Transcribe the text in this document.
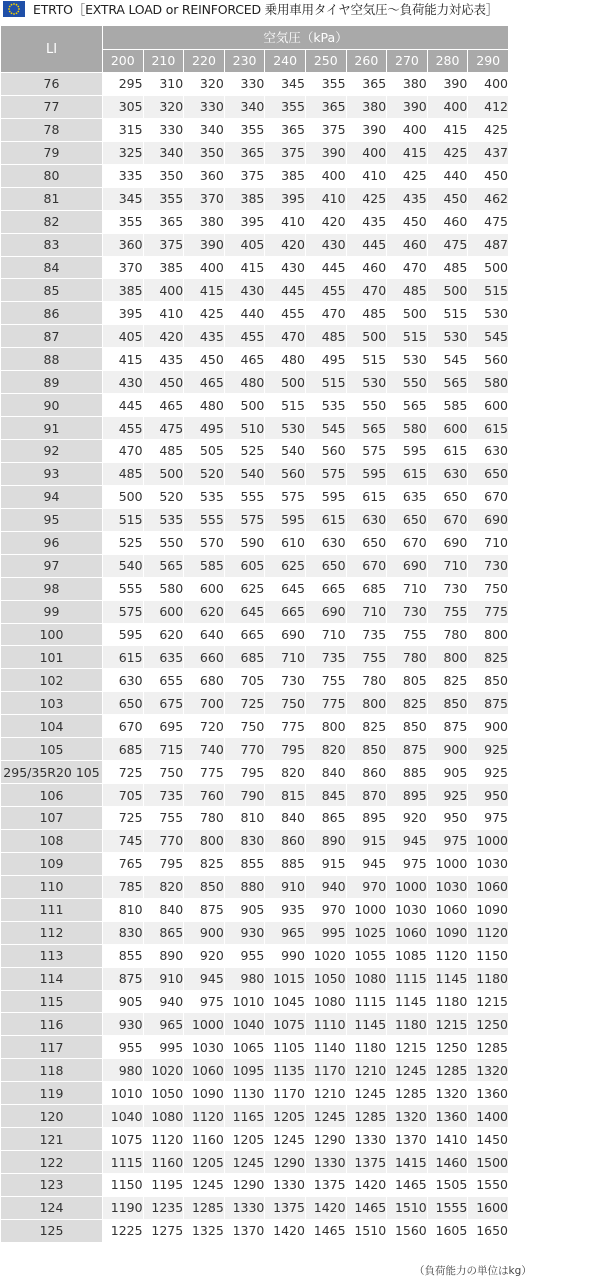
ETRTO［EXTRA LOAD or REINFORCED 乗用車用タイヤ空気圧～負荷能力対応表］
LI	空気圧（kPa）									
	200	210	220	230	240	250	260	270	280	290
76	295	310	320	330	345	355	365	380	390	400
77	305	320	330	340	355	365	380	390	400	412
78	315	330	340	355	365	375	390	400	415	425
79	325	340	350	365	375	390	400	415	425	437
80	335	350	360	375	385	400	410	425	440	450
81	345	355	370	385	395	410	425	435	450	462
82	355	365	380	395	410	420	435	450	460	475
83	360	375	390	405	420	430	445	460	475	487
84	370	385	400	415	430	445	460	470	485	500
85	385	400	415	430	445	455	470	485	500	515
86	395	410	425	440	455	470	485	500	515	530
87	405	420	435	455	470	485	500	515	530	545
88	415	435	450	465	480	495	515	530	545	560
89	430	450	465	480	500	515	530	550	565	580
90	445	465	480	500	515	535	550	565	585	600
91	455	475	495	510	530	545	565	580	600	615
92	470	485	505	525	540	560	575	595	615	630
93	485	500	520	540	560	575	595	615	630	650
94	500	520	535	555	575	595	615	635	650	670
95	515	535	555	575	595	615	630	650	670	690
96	525	550	570	590	610	630	650	670	690	710
97	540	565	585	605	625	650	670	690	710	730
98	555	580	600	625	645	665	685	710	730	750
99	575	600	620	645	665	690	710	730	755	775
100	595	620	640	665	690	710	735	755	780	800
101	615	635	660	685	710	735	755	780	800	825
102	630	655	680	705	730	755	780	805	825	850
103	650	675	700	725	750	775	800	825	850	875
104	670	695	720	750	775	800	825	850	875	900
105	685	715	740	770	795	820	850	875	900	925
295/35R20 105	725	750	775	795	820	840	860	885	905	925
106	705	735	760	790	815	845	870	895	925	950
107	725	755	780	810	840	865	895	920	950	975
108	745	770	800	830	860	890	915	945	975	1000
109	765	795	825	855	885	915	945	975	1000	1030
110	785	820	850	880	910	940	970	1000	1030	1060
111	810	840	875	905	935	970	1000	1030	1060	1090
112	830	865	900	930	965	995	1025	1060	1090	1120
113	855	890	920	955	990	1020	1055	1085	1120	1150
114	875	910	945	980	1015	1050	1080	1115	1145	1180
115	905	940	975	1010	1045	1080	1115	1145	1180	1215
116	930	965	1000	1040	1075	1110	1145	1180	1215	1250
117	955	995	1030	1065	1105	1140	1180	1215	1250	1285
118	980	1020	1060	1095	1135	1170	1210	1245	1285	1320
119	1010	1050	1090	1130	1170	1210	1245	1285	1320	1360
120	1040	1080	1120	1165	1205	1245	1285	1320	1360	1400
121	1075	1120	1160	1205	1245	1290	1330	1370	1410	1450
122	1115	1160	1205	1245	1290	1330	1375	1415	1460	1500
123	1150	1195	1245	1290	1330	1375	1420	1465	1505	1550
124	1190	1235	1285	1330	1375	1420	1465	1510	1555	1600
125	1225	1275	1325	1370	1420	1465	1510	1560	1605	1650
（負荷能力の単位はkg）
